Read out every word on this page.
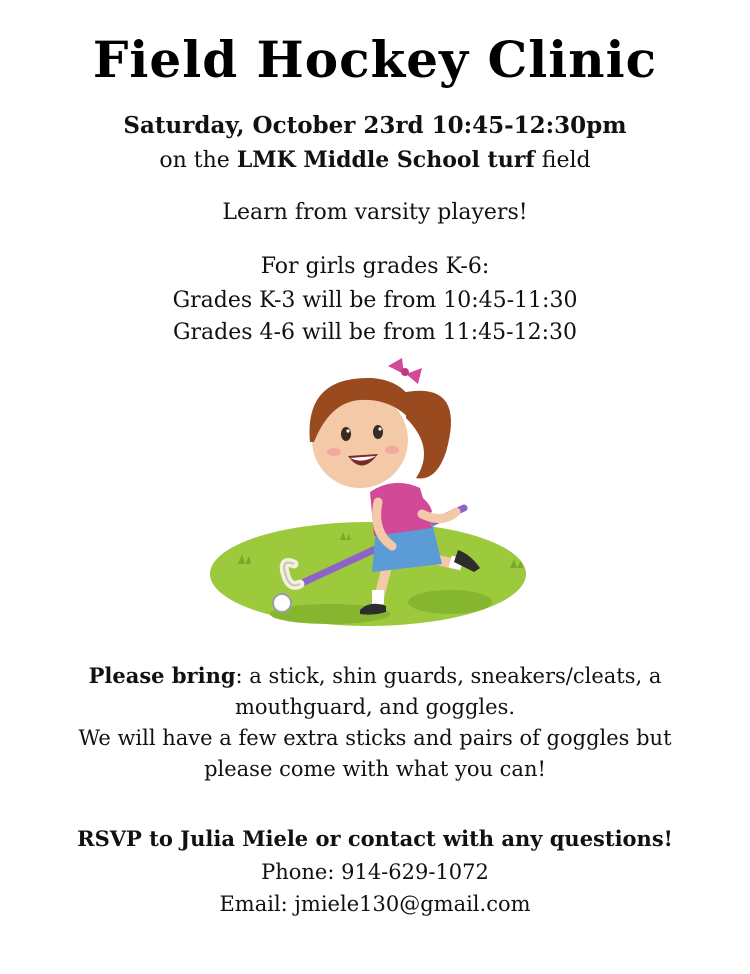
Field Hockey Clinic
Saturday, October 23rd 10:45-12:30pm
on the LMK Middle School turf field
Learn from varsity players!
For girls grades K-6:
Grades K-3 will be from 10:45-11:30
Grades 4-6 will be from 11:45-12:30
Please bring: a stick, shin guards, sneakers/cleats, a mouthguard, and goggles.
We will have a few extra sticks and pairs of goggles but please come with what you can!
RSVP to Julia Miele or contact with any questions!
Phone: 914-629-1072
Email: jmiele130@gmail.com
